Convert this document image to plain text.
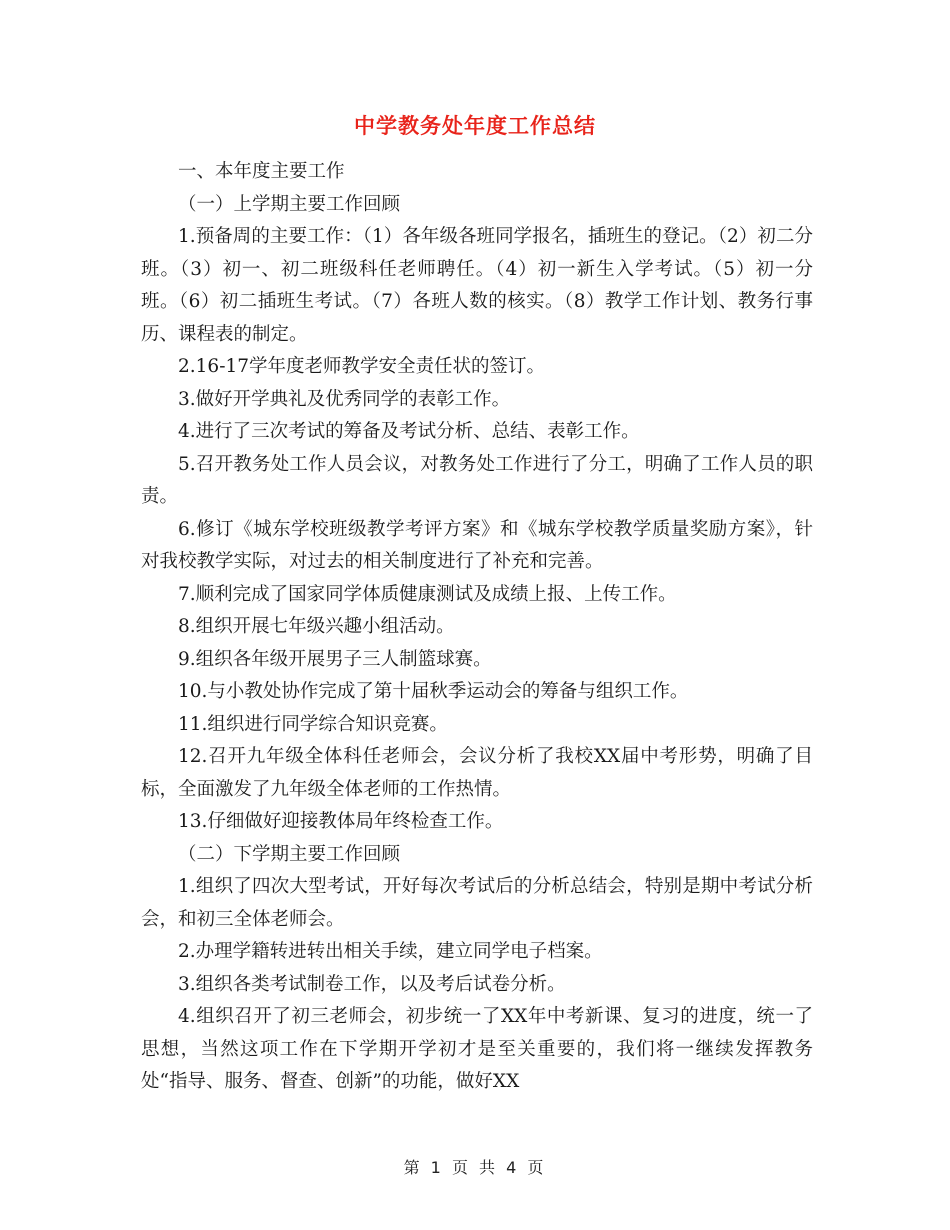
中学教务处年度工作总结

一、本年度主要工作

（一）上学期主要工作回顾

1.预备周的主要工作：（1）各年级各班同学报名，插班生的登记。（2）初二分班。（3）初一、初二班级科任老师聘任。（4）初一新生入学考试。（5）初一分班。（6）初二插班生考试。（7）各班人数的核实。（8）教学工作计划、教务行事历、课程表的制定。

2.16-17学年度老师教学安全责任状的签订。

3.做好开学典礼及优秀同学的表彰工作。

4.进行了三次考试的筹备及考试分析、总结、表彰工作。

5.召开教务处工作人员会议，对教务处工作进行了分工，明确了工作人员的职责。

6.修订《城东学校班级教学考评方案》和《城东学校教学质量奖励方案》，针对我校教学实际，对过去的相关制度进行了补充和完善。

7.顺利完成了国家同学体质健康测试及成绩上报、上传工作。

8.组织开展七年级兴趣小组活动。

9.组织各年级开展男子三人制篮球赛。

10.与小教处协作完成了第十届秋季运动会的筹备与组织工作。

11.组织进行同学综合知识竞赛。

12.召开九年级全体科任老师会，会议分析了我校XX届中考形势，明确了目标，全面激发了九年级全体老师的工作热情。

13.仔细做好迎接教体局年终检查工作。

（二）下学期主要工作回顾

1.组织了四次大型考试，开好每次考试后的分析总结会，特别是期中考试分析会，和初三全体老师会。

2.办理学籍转进转出相关手续，建立同学电子档案。

3.组织各类考试制卷工作，以及考后试卷分析。

4.组织召开了初三老师会，初步统一了XX年中考新课、复习的进度，统一了思想，当然这项工作在下学期开学初才是至关重要的，我们将一继续发挥教务处“指导、服务、督查、创新”的功能，做好XX

第 1 页 共 4 页
